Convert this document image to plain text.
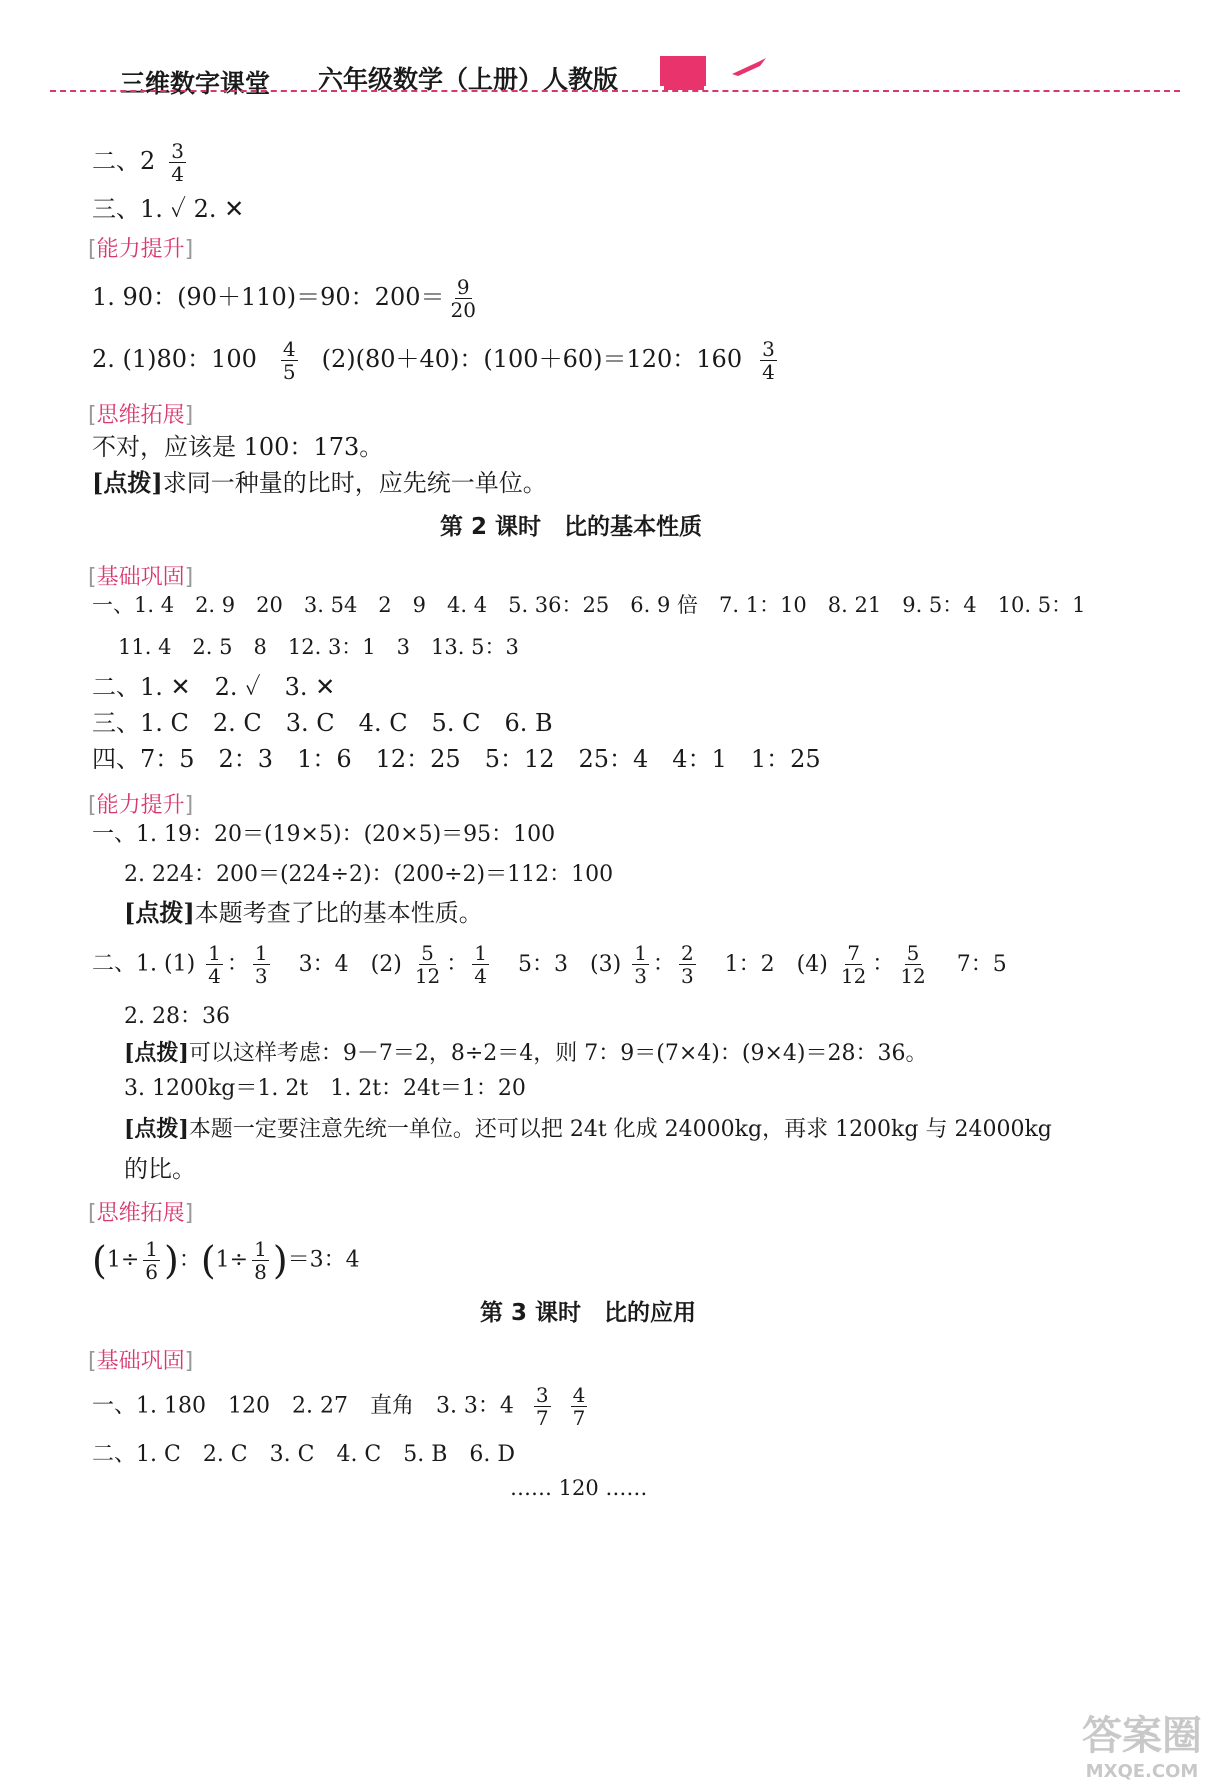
三维数字课堂 六年级数学（上册）人教版
二、$2 \frac{3}{4}$
三、1. ✓ 2. ✕
[能力提升]
1. 90：(90＋110)＝90：$200= \frac{9}{20}$
2. (1)80：$100 \frac{4}{5} (2)(80+40)$：(100＋60)＝120：$160 \frac{3}{4}$
[思维拓展]
不对，应该是 100：173。
[点拨]求同一种量的比时，应先统一单位。
第 2 课时　比的基本性质
[基础巩固]
一、1. 4　2. 9　20　3. 54　2　9　4. 4　5. 36：25　6. 9 倍　7. 1：10　8. 21　9. 5：4　10. 5：1
11. 4　2. 5　8　12. 3：1　3　13. 5：3
二、1. ✕　2. ✓　3. ✕
三、1. C　2. C　3. C　4. C　5. C　6. B
四、7：5　2：3　1：6　12：25　5：12　25：4　4：1　1：25
[能力提升]
一、1. 19：20＝(19×5)：(20×5)＝95：100
2. 224：200＝(224÷2)：(200÷2)＝112：100
[点拨]本题考查了比的基本性质。
二、1. $(1) \frac{1}{4}$ ： $\frac{1}{3} 3$：4　$(2) \frac{5}{12}$ ： $\frac{1}{4} 5$：3　$(3) \frac{1}{3}$ ： $\frac{2}{3} 1$：2　$(4) \frac{7}{12}$ ： $\frac{5}{12} 7$：5
2. 28：36
[点拨]可以这样考虑：9－7＝2，8÷2＝4，则 7：9＝(7×4)：(9×4)＝28：36。
3. 1200kg＝1. 2t　1. 2t：24t＝1：20
[点拨]本题一定要注意先统一单位。还可以把 24t 化成 24000kg，再求 1200kg 与 24000kg
的比。
[思维拓展]
($1\div \frac{1}{6}$ )：$(1\div \frac{1}{8} )=3$：4
第 3 课时　比的应用
[基础巩固]
一、1. 180　120　2. 27　直角　3. 3：$4 \frac{3}{7} \frac{4}{7}$
二、1. C　2. C　3. C　4. C　5. B　6. D
…… 120 ……
答案圈
MXQE.COM
